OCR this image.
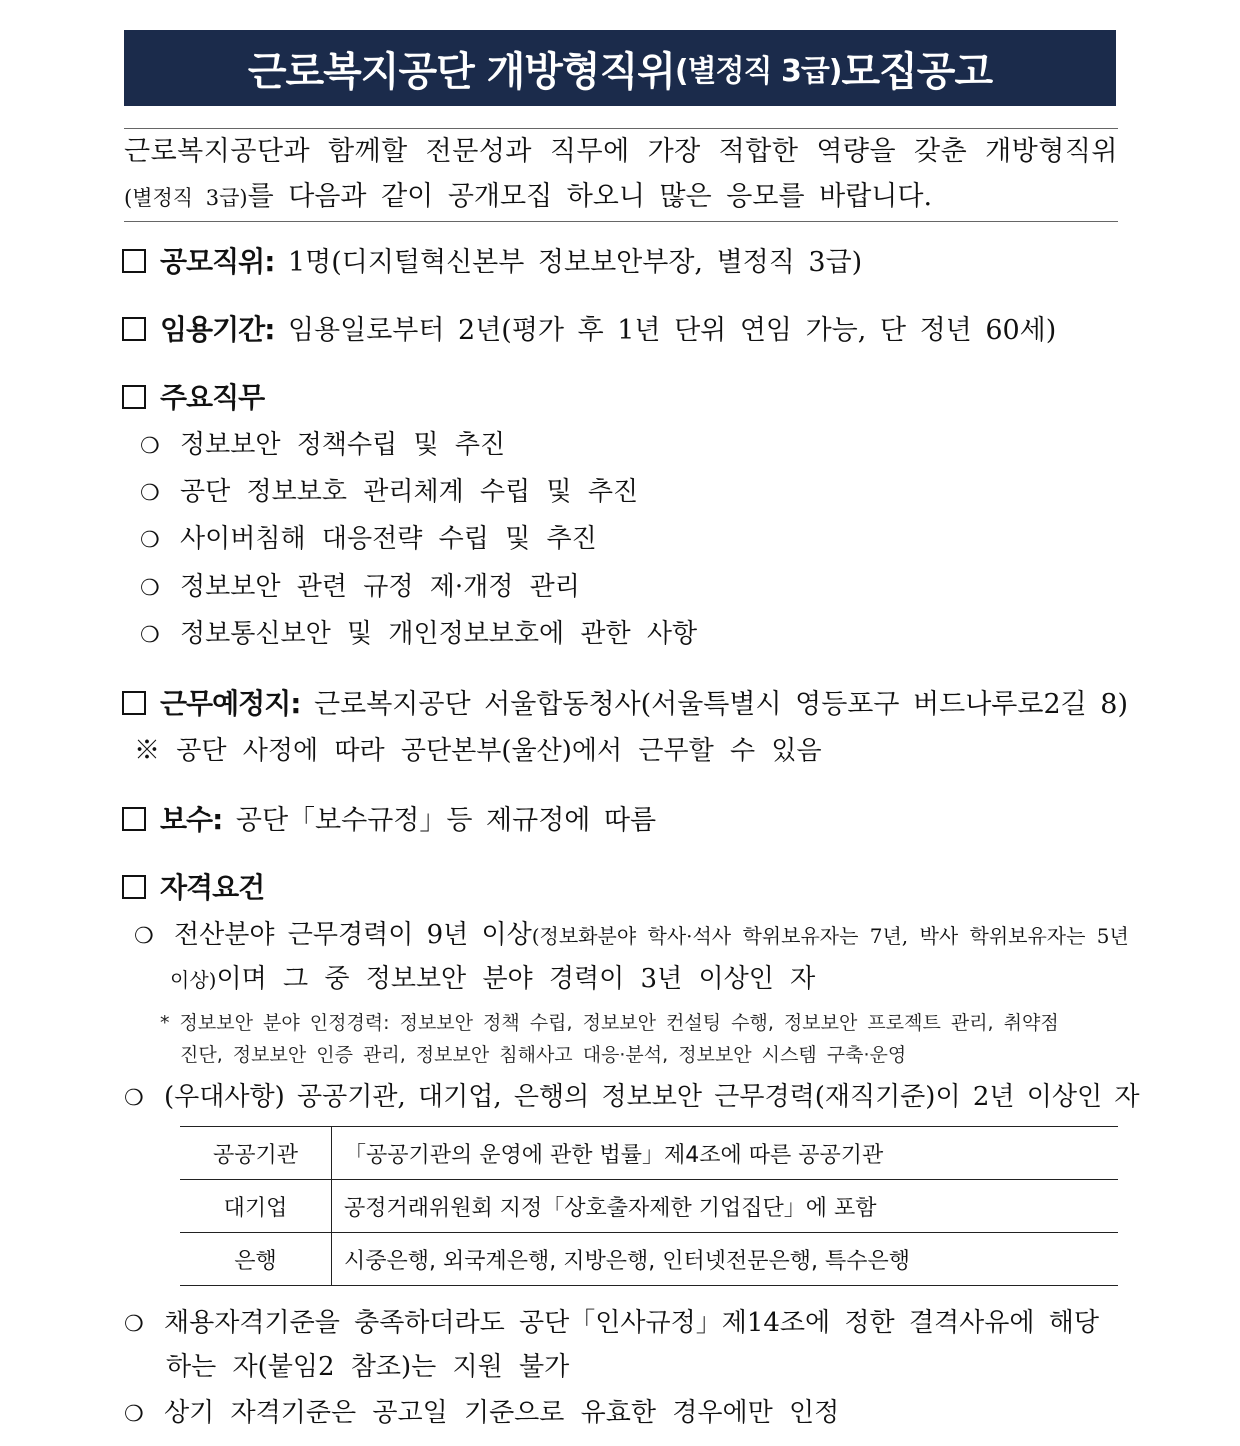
근로복지공단 개방형직위 (별정직 3급) 모집공고
근로복지공단과 함께할 전문성과 직무에 가장 적합한 역량을 갖춘 개방형직위
(별정직 3급)를 다음과 같이 공개모집 하오니 많은 응모를 바랍니다.
공모직위: 1명(디지털혁신본부 정보보안부장, 별정직 3급)
임용기간: 임용일로부터 2년(평가 후 1년 단위 연임 가능, 단 정년 60세)
주요직무
❍ 정보보안 정책수립 및 추진
❍ 공단 정보보호 관리체계 수립 및 추진
❍ 사이버침해 대응전략 수립 및 추진
❍ 정보보안 관련 규정 제·개정 관리
❍ 정보통신보안 및 개인정보보호에 관한 사항
근무예정지: 근로복지공단 서울합동청사(서울특별시 영등포구 버드나루로2길 8)
※ 공단 사정에 따라 공단본부(울산)에서 근무할 수 있음
보수: 공단「보수규정」등 제규정에 따름
자격요건
❍ 전산분야 근무경력이 9년 이상(정보화분야 학사·석사 학위보유자는 7년, 박사 학위보유자는 5년
이상)이며 그 중 정보보안 분야 경력이 3년 이상인 자
* 정보보안 분야 인정경력: 정보보안 정책 수립, 정보보안 컨설팅 수행, 정보보안 프로젝트 관리, 취약점
진단, 정보보안 인증 관리, 정보보안 침해사고 대응·분석, 정보보안 시스템 구축·운영
❍ (우대사항) 공공기관, 대기업, 은행의 정보보안 근무경력(재직기준)이 2년 이상인 자
공공기관	「공공기관의 운영에 관한 법률」제4조에 따른 공공기관
대기업	공정거래위원회 지정「상호출자제한 기업집단」에 포함
은행	시중은행, 외국계은행, 지방은행, 인터넷전문은행, 특수은행
❍ 채용자격기준을 충족하더라도 공단「인사규정」제14조에 정한 결격사유에 해당
하는 자(붙임2 참조)는 지원 불가
❍ 상기 자격기준은 공고일 기준으로 유효한 경우에만 인정
